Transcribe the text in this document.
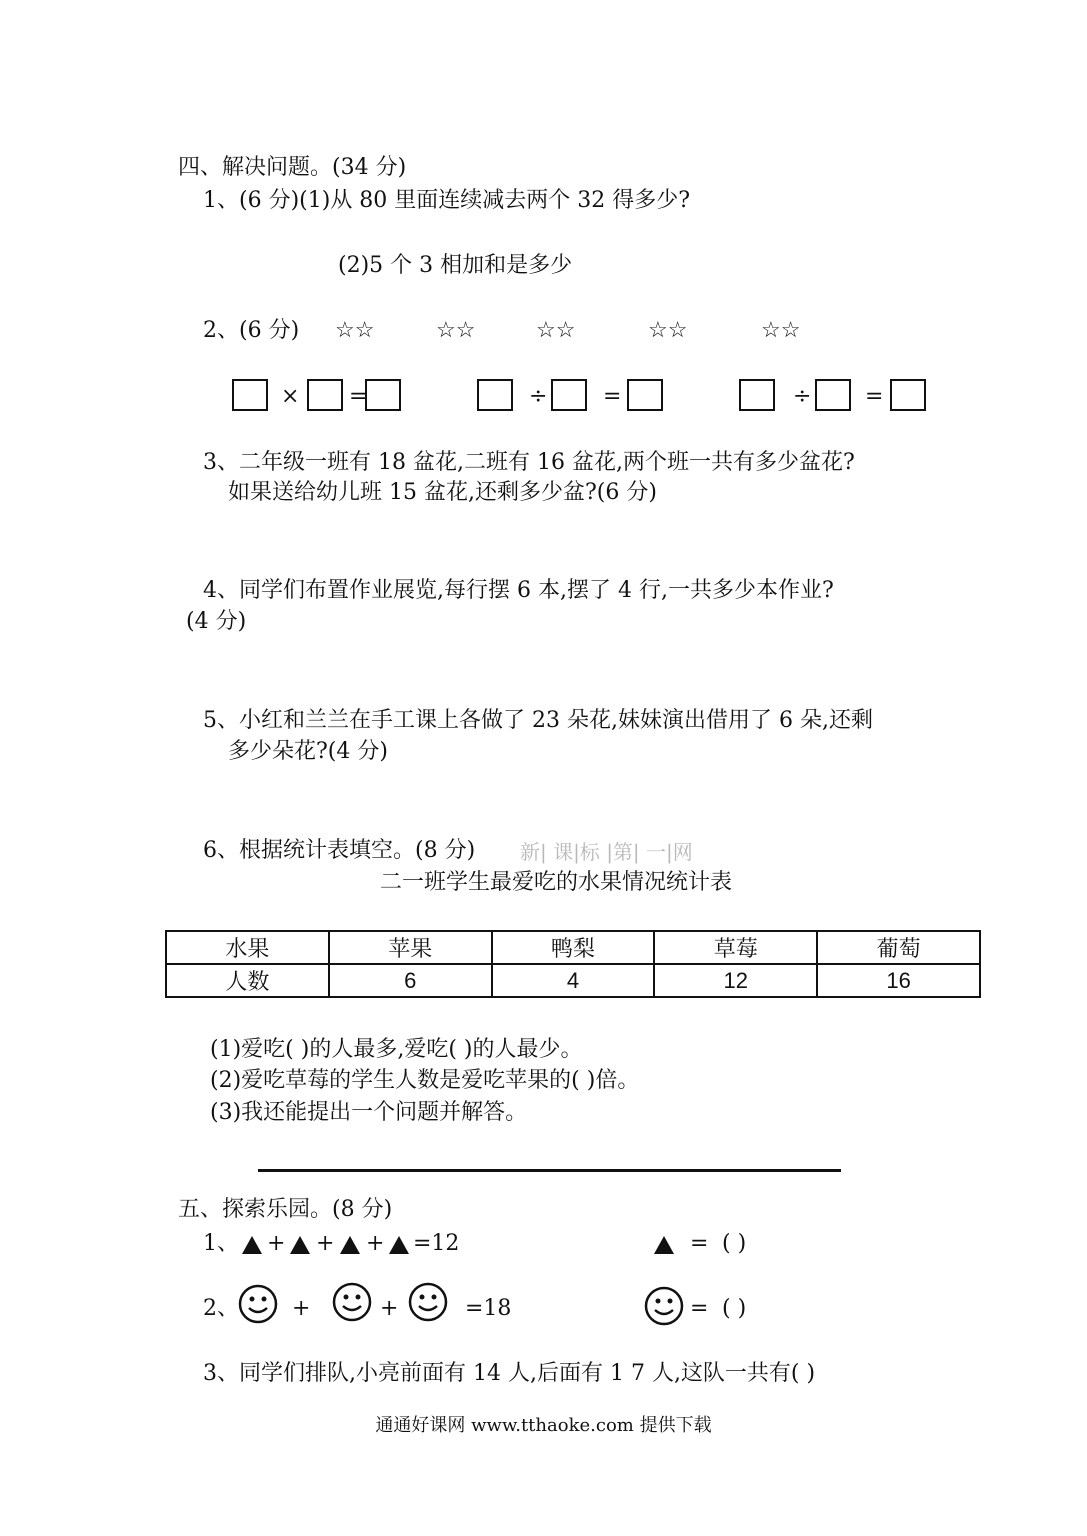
四、解决问题。(34 分)
1、(6 分)(1)从 80 里面连续减去两个 32 得多少?
(2)5 个 3 相加和是多少
2、(6 分) ☆☆	☆☆	☆☆	☆☆	☆☆
× =	÷	=	÷ =
3、二年级一班有 18 盆花,二班有 16 盆花,两个班一共有多少盆花?
如果送给幼儿班 15 盆花,还剩多少盆?(6 分)
4、同学们布置作业展览,每行摆 6 本,摆了 4 行,一共多少本作业?
(4 分)
5、小红和兰兰在手工课上各做了 23 朵花,妹妹演出借用了 6 朵,还剩
多少朵花?(4 分)
6、根据统计表填空。(8 分) 新| 课|标 |第| 一|网
二一班学生最爱吃的水果情况统计表
水果	苹果	鸭梨	草莓	葡萄
人数	6	4	12	16
(1)爱吃( )的人最多,爱吃( )的人最少。
(2)爱吃草莓的学生人数是爱吃苹果的( )倍。
(3)我还能提出一个问题并解答。
五、探索乐园。(8 分)
1、 + + + =12	= ( )
2、 +	+	=18	= ( )
3、同学们排队,小亮前面有 14 人,后面有 1 7 人,这队一共有( )
通通好课网 www.tthaoke.com 提供下载
